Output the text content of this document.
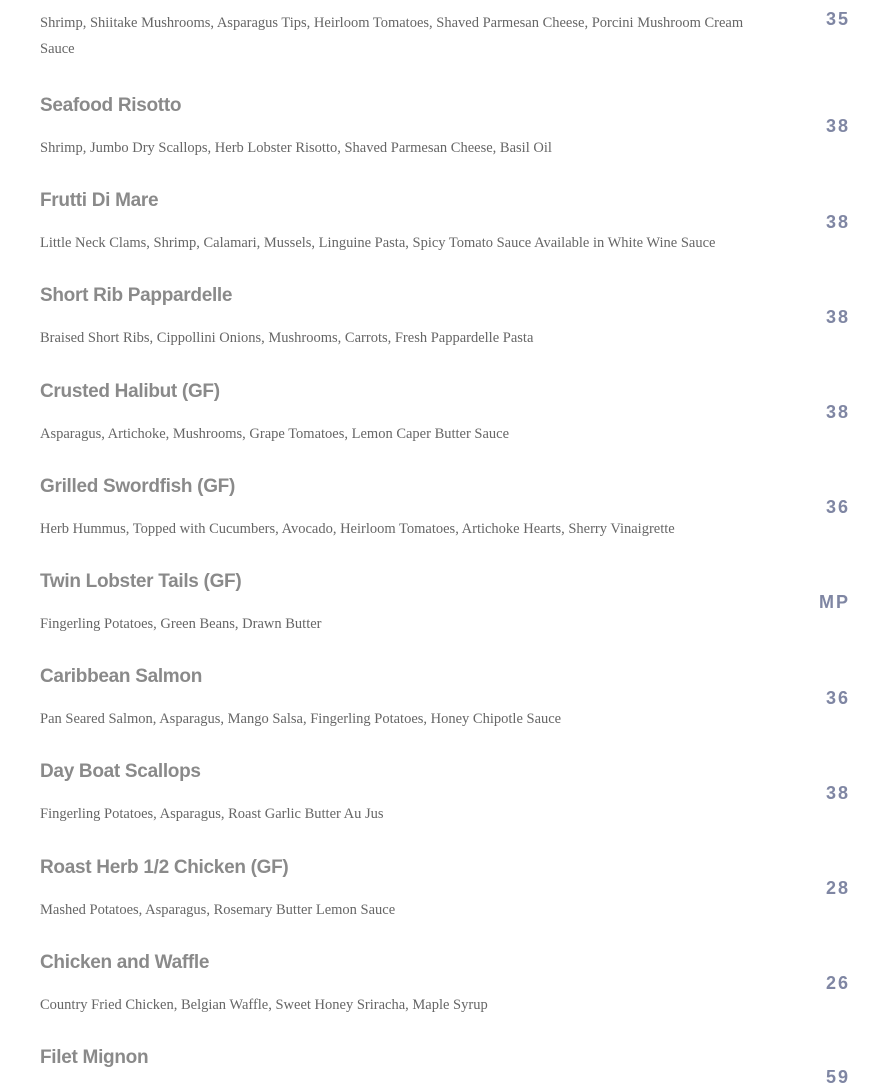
Shrimp, Shiitake Mushrooms, Asparagus Tips, Heirloom Tomatoes, Shaved Parmesan Cheese, Porcini Mushroom Cream Sauce
35
Seafood Risotto
Shrimp, Jumbo Dry Scallops, Herb Lobster Risotto, Shaved Parmesan Cheese, Basil Oil
38
Frutti Di Mare
Little Neck Clams, Shrimp, Calamari, Mussels, Linguine Pasta, Spicy Tomato Sauce Available in White Wine Sauce
38
Short Rib Pappardelle
Braised Short Ribs, Cippollini Onions, Mushrooms, Carrots, Fresh Pappardelle Pasta
38
Crusted Halibut (GF)
Asparagus, Artichoke, Mushrooms, Grape Tomatoes, Lemon Caper Butter Sauce
38
Grilled Swordfish (GF)
Herb Hummus, Topped with Cucumbers, Avocado, Heirloom Tomatoes, Artichoke Hearts, Sherry Vinaigrette
36
Twin Lobster Tails (GF)
Fingerling Potatoes, Green Beans, Drawn Butter
MP
Caribbean Salmon
Pan Seared Salmon, Asparagus, Mango Salsa, Fingerling Potatoes, Honey Chipotle Sauce
36
Day Boat Scallops
Fingerling Potatoes, Asparagus, Roast Garlic Butter Au Jus
38
Roast Herb 1/2 Chicken (GF)
Mashed Potatoes, Asparagus, Rosemary Butter Lemon Sauce
28
Chicken and Waffle
Country Fried Chicken, Belgian Waffle, Sweet Honey Sriracha, Maple Syrup
26
Filet Mignon
59
